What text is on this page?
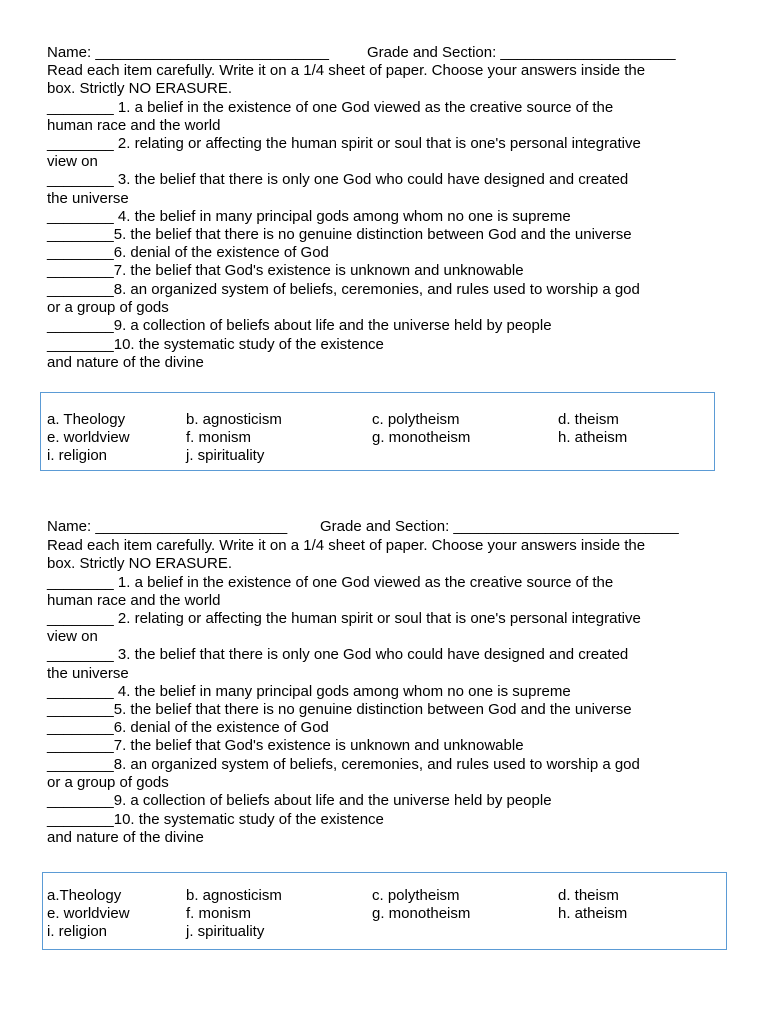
Name: ____________________________	Grade and Section: _____________________
Read each item carefully. Write it on a 1/4 sheet of paper. Choose your answers inside the
box. Strictly NO ERASURE.
________ 1. a belief in the existence of one God viewed as the creative source of the
human race and the world
________ 2. relating or affecting the human spirit or soul that is one's personal integrative
view on
________ 3. the belief that there is only one God who could have designed and created
the universe
________ 4. the belief in many principal gods among whom no one is supreme
________5. the belief that there is no genuine distinction between God and the universe
________6. denial of the existence of God
________7. the belief that God's existence is unknown and unknowable
________8. an organized system of beliefs, ceremonies, and rules used to worship a god
or a group of gods
________9. a collection of beliefs about life and the universe held by people
________10. the systematic study of the existence
and nature of the divine
a. Theology	b. agnosticism	c. polytheism	d. theism
e. worldview	f. monism	g. monotheism	h. atheism
i. religion	j. spirituality
Name: _______________________ Grade and Section: ___________________________
Read each item carefully. Write it on a 1/4 sheet of paper. Choose your answers inside the
box. Strictly NO ERASURE.
________ 1. a belief in the existence of one God viewed as the creative source of the
human race and the world
________ 2. relating or affecting the human spirit or soul that is one's personal integrative
view on
________ 3. the belief that there is only one God who could have designed and created
the universe
________ 4. the belief in many principal gods among whom no one is supreme
________5. the belief that there is no genuine distinction between God and the universe
________6. denial of the existence of God
________7. the belief that God's existence is unknown and unknowable
________8. an organized system of beliefs, ceremonies, and rules used to worship a god
or a group of gods
________9. a collection of beliefs about life and the universe held by people
________10. the systematic study of the existence
and nature of the divine
a.Theology	b. agnosticism	c. polytheism	d. theism
e. worldview	f. monism	g. monotheism	h. atheism
i. religion	j. spirituality
